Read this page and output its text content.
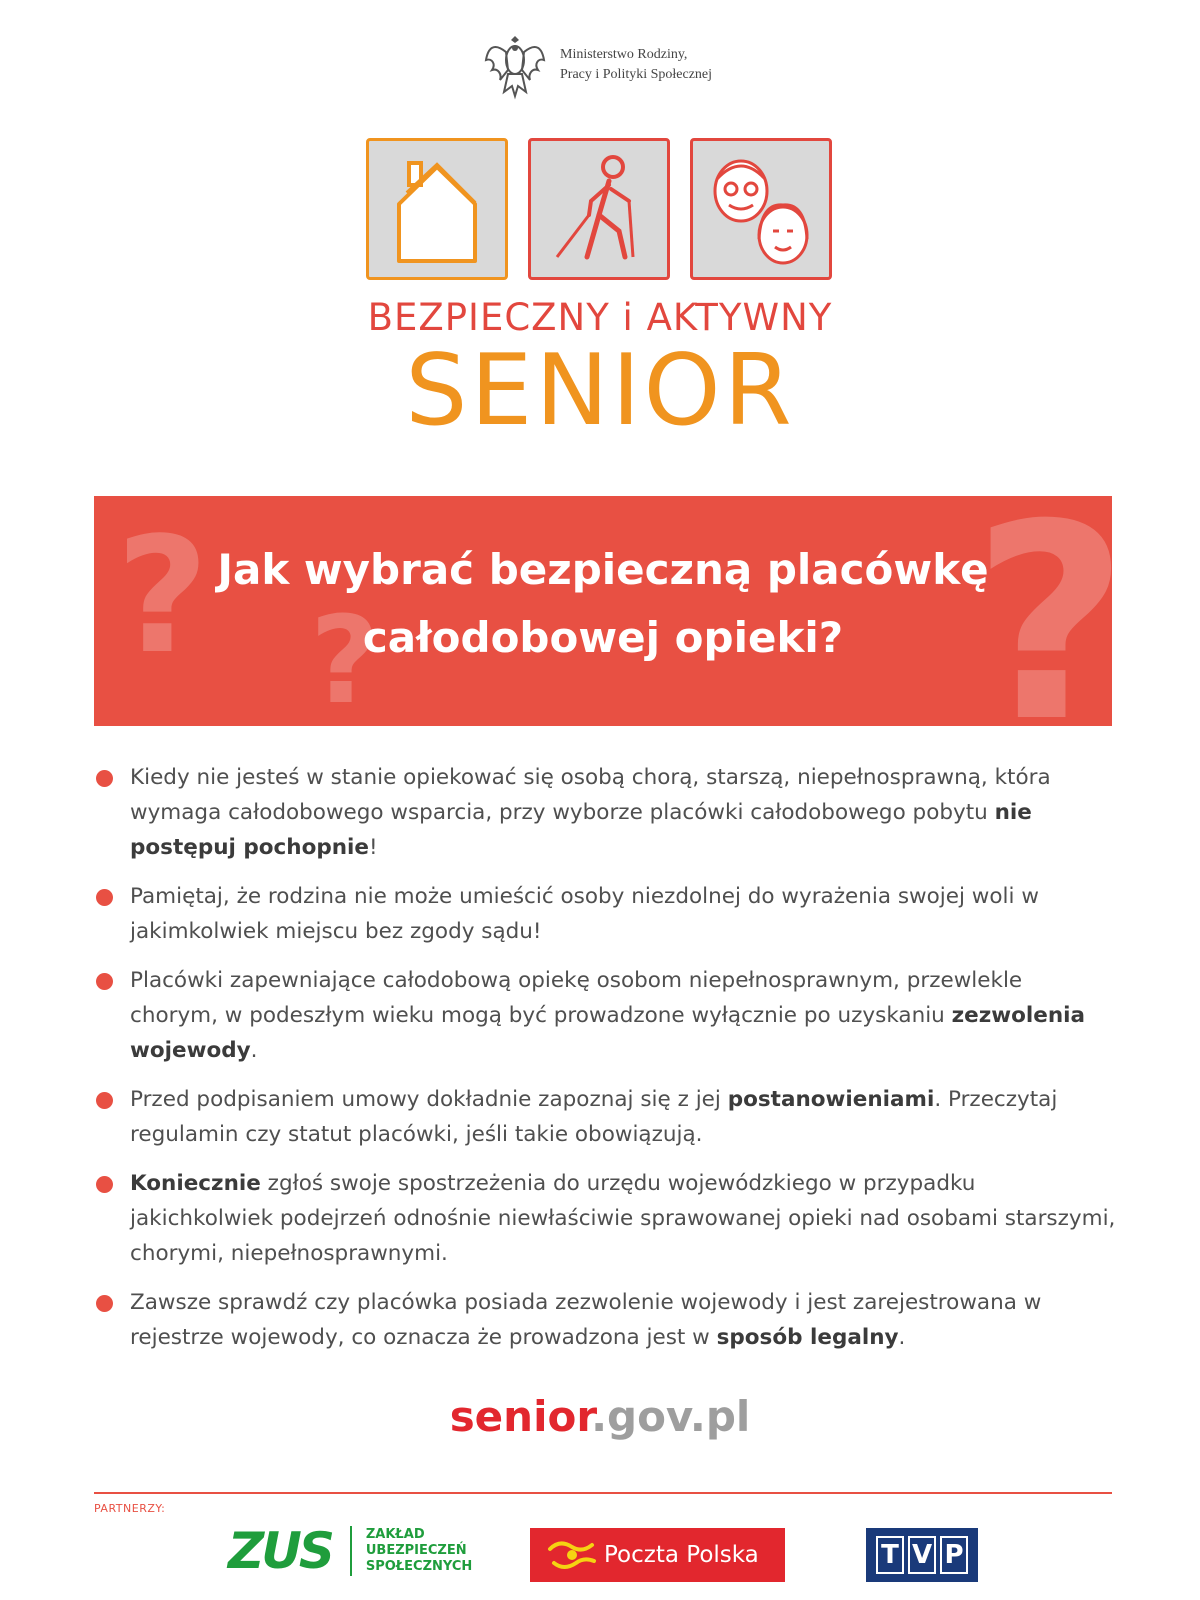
Ministerstwo Rodziny,
Pracy i Polityki Społecznej
BEZPIECZNY i AKTYWNY
SENIOR
? ? ?
Jak wybrać bezpieczną placówkę
całodobowej opieki?
Kiedy nie jesteś w stanie opiekować się osobą chorą, starszą, niepełnosprawną, która wymaga całodobowego wsparcia, przy wyborze placówki całodobowego pobytu nie postępuj pochopnie!
Pamiętaj, że rodzina nie może umieścić osoby niezdolnej do wyrażenia swojej woli w jakimkolwiek miejscu bez zgody sądu!
Placówki zapewniające całodobową opiekę osobom niepełnosprawnym, przewlekle chorym, w podeszłym wieku mogą być prowadzone wyłącznie po uzyskaniu zezwolenia wojewody.
Przed podpisaniem umowy dokładnie zapoznaj się z jej postanowieniami. Przeczytaj regulamin czy statut placówki, jeśli takie obowiązują.
Koniecznie zgłoś swoje spostrzeżenia do urzędu wojewódzkiego w przypadku jakichkolwiek podejrzeń odnośnie niewłaściwie sprawowanej opieki nad osobami starszymi, chorymi, niepełnosprawnymi.
Zawsze sprawdź czy placówka posiada zezwolenie wojewody i jest zarejestrowana w rejestrze wojewody, co oznacza że prowadzona jest w sposób legalny.
senior.gov.pl
PARTNERZY:
ZUS	ZAKŁAD
UBEZPIECZEŃ
SPOŁECZNYCH	Poczta Polska	T V P
